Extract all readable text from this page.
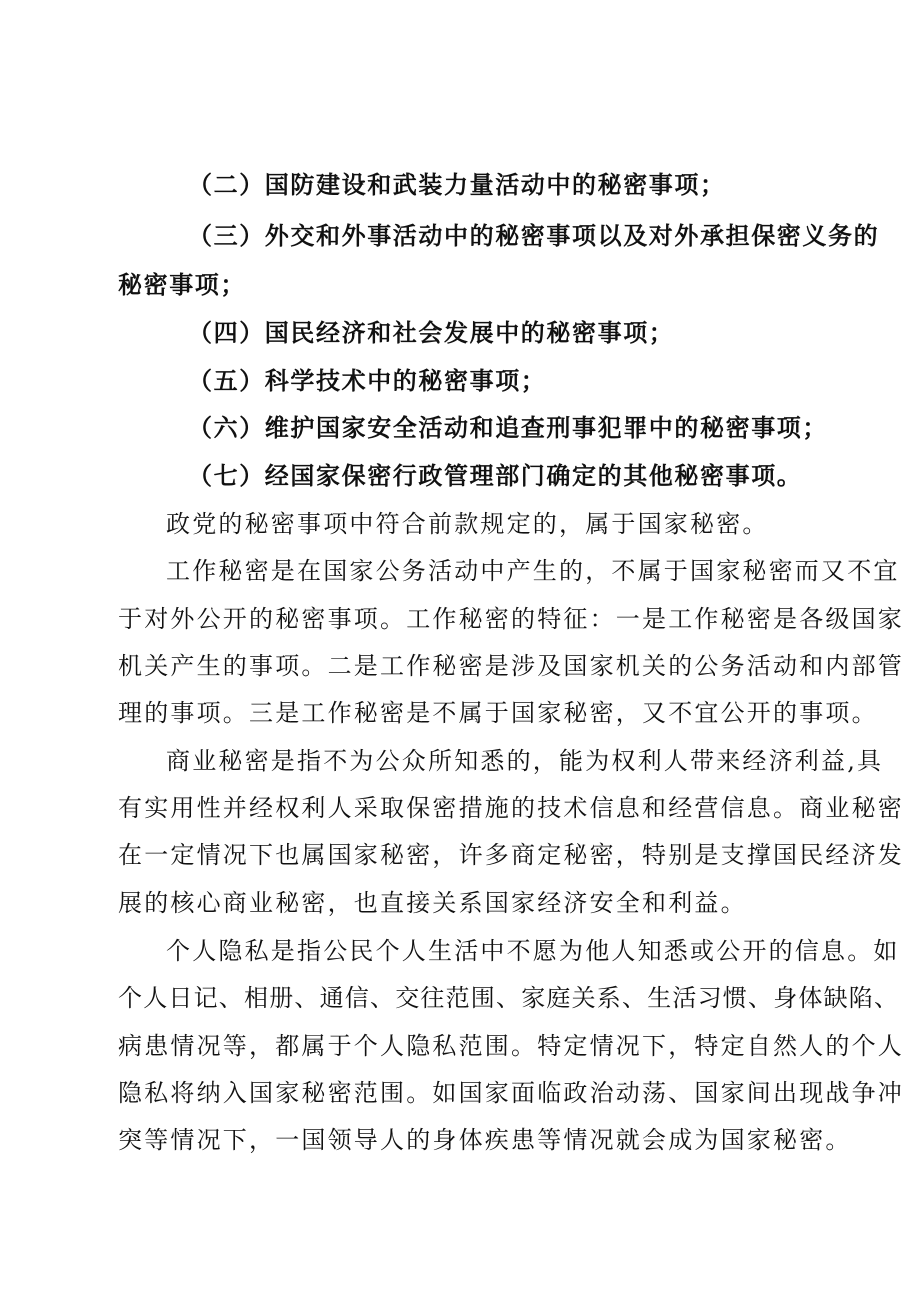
（二）国防建设和武装力量活动中的秘密事项；

（三）外交和外事活动中的秘密事项以及对外承担保密义务的

秘密事项；

（四）国民经济和社会发展中的秘密事项；

（五）科学技术中的秘密事项；

（六）维护国家安全活动和追查刑事犯罪中的秘密事项；

（七）经国家保密行政管理部门确定的其他秘密事项。

政党的秘密事项中符合前款规定的，属于国家秘密。

工作秘密是在国家公务活动中产生的，不属于国家秘密而又不宜

于对外公开的秘密事项。工作秘密的特征：一是工作秘密是各级国家

机关产生的事项。二是工作秘密是涉及国家机关的公务活动和内部管

理的事项。三是工作秘密是不属于国家秘密，又不宜公开的事项。

商业秘密是指不为公众所知悉的，能为权利人带来经济利益,具

有实用性并经权利人采取保密措施的技术信息和经营信息。商业秘密

在一定情况下也属国家秘密，许多商定秘密，特别是支撑国民经济发

展的核心商业秘密，也直接关系国家经济安全和利益。

个人隐私是指公民个人生活中不愿为他人知悉或公开的信息。如

个人日记、相册、通信、交往范围、家庭关系、生活习惯、身体缺陷、

病患情况等，都属于个人隐私范围。特定情况下，特定自然人的个人

隐私将纳入国家秘密范围。如国家面临政治动荡、国家间出现战争冲

突等情况下，一国领导人的身体疾患等情况就会成为国家秘密。
